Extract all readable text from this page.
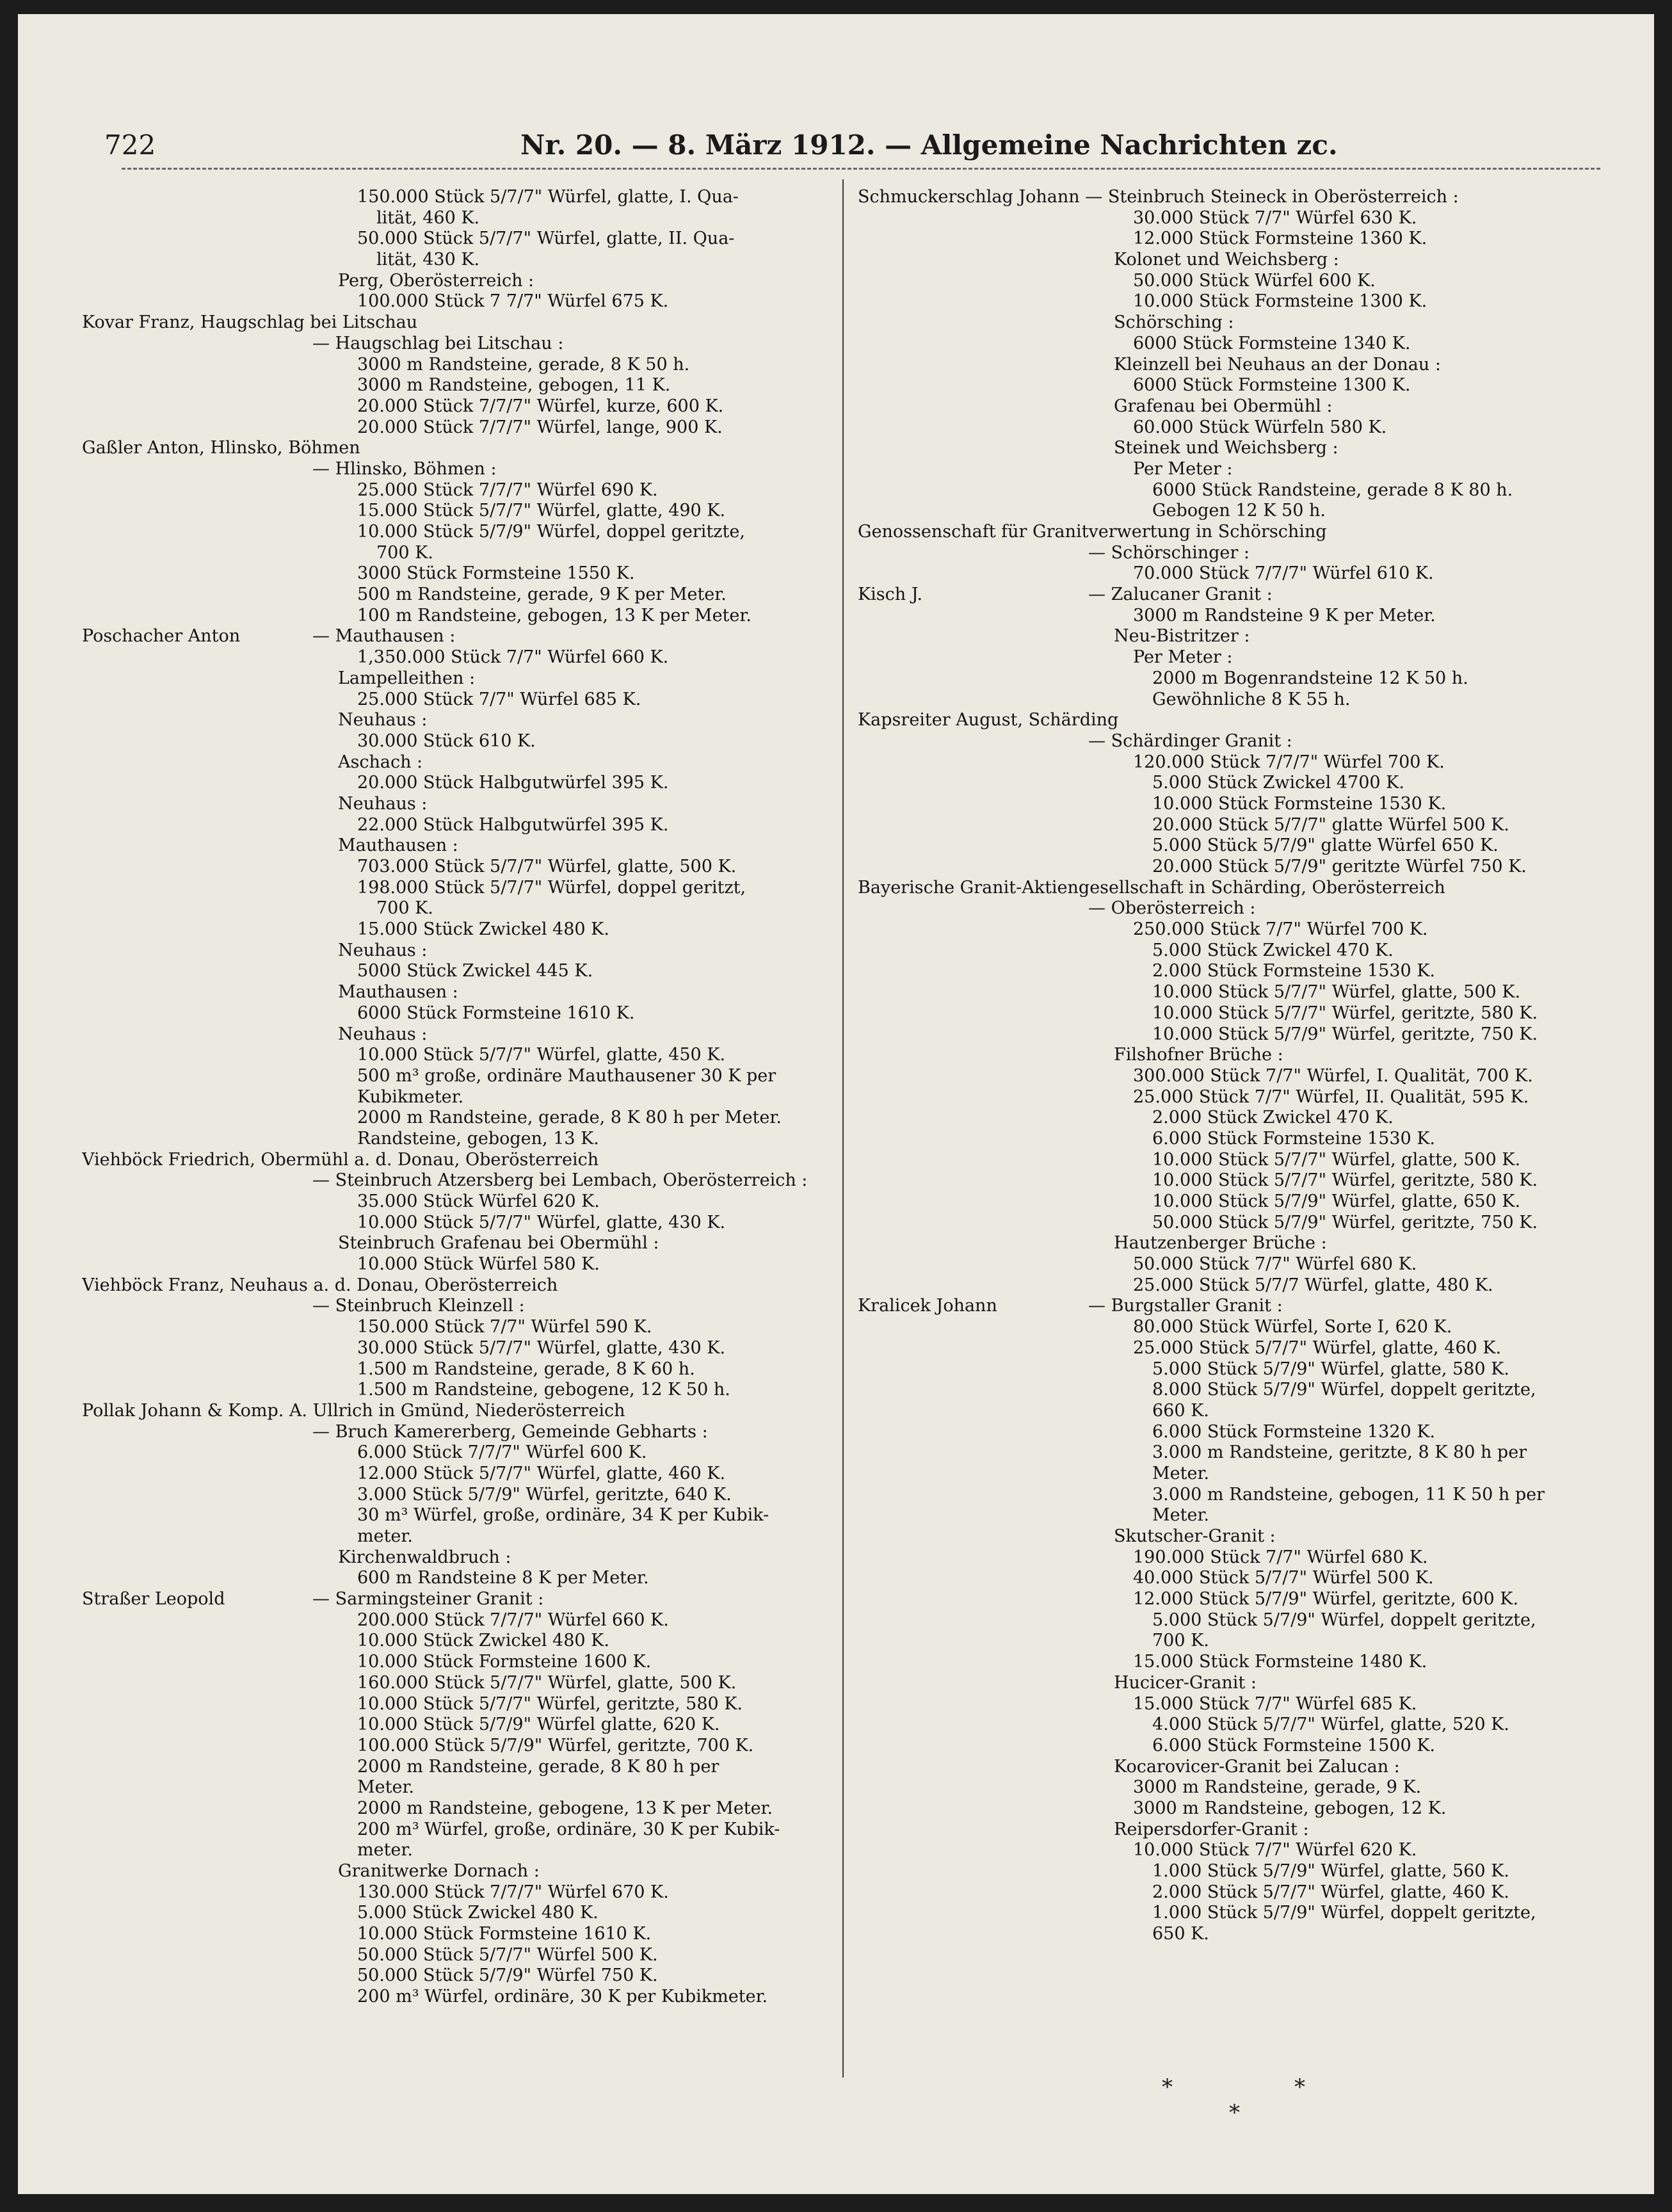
722	Nr. 20. — 8. März 1912. — Allgemeine Nachrichten zc.
150.000 Stück 5/7/7" Würfel, glatte, I. Qua-
lität, 460 K.
50.000 Stück 5/7/7" Würfel, glatte, II. Qua-
lität, 430 K.
Perg, Oberösterreich :
100.000 Stück 7 7/7" Würfel 675 K.
Kovar Franz, Haugschlag bei Litschau
— Haugschlag bei Litschau :
3000 m Randsteine, gerade, 8 K 50 h.
3000 m Randsteine, gebogen, 11 K.
20.000 Stück 7/7/7" Würfel, kurze, 600 K.
20.000 Stück 7/7/7" Würfel, lange, 900 K.
Gaßler Anton, Hlinsko, Böhmen
— Hlinsko, Böhmen :
25.000 Stück 7/7/7" Würfel 690 K.
15.000 Stück 5/7/7" Würfel, glatte, 490 K.
10.000 Stück 5/7/9" Würfel, doppel geritzte,
700 K.
3000 Stück Formsteine 1550 K.
500 m Randsteine, gerade, 9 K per Meter.
100 m Randsteine, gebogen, 13 K per Meter.
Poschacher Anton	— Mauthausen :
1,350.000 Stück 7/7" Würfel 660 K.
Lampelleithen :
25.000 Stück 7/7" Würfel 685 K.
Neuhaus :
30.000 Stück 610 K.
Aschach :
20.000 Stück Halbgutwürfel 395 K.
Neuhaus :
22.000 Stück Halbgutwürfel 395 K.
Mauthausen :
703.000 Stück 5/7/7" Würfel, glatte, 500 K.
198.000 Stück 5/7/7" Würfel, doppel geritzt,
700 K.
15.000 Stück Zwickel 480 K.
Neuhaus :
5000 Stück Zwickel 445 K.
Mauthausen :
6000 Stück Formsteine 1610 K.
Neuhaus :
10.000 Stück 5/7/7" Würfel, glatte, 450 K.
500 m³ große, ordinäre Mauthausener 30 K per
Kubikmeter.
2000 m Randsteine, gerade, 8 K 80 h per Meter.
Randsteine, gebogen, 13 K.
Viehböck Friedrich, Obermühl a. d. Donau, Oberösterreich
— Steinbruch Atzersberg bei Lembach, Oberösterreich :
35.000 Stück Würfel 620 K.
10.000 Stück 5/7/7" Würfel, glatte, 430 K.
Steinbruch Grafenau bei Obermühl :
10.000 Stück Würfel 580 K.
Viehböck Franz, Neuhaus a. d. Donau, Oberösterreich
— Steinbruch Kleinzell :
150.000 Stück 7/7" Würfel 590 K.
30.000 Stück 5/7/7" Würfel, glatte, 430 K.
1.500 m Randsteine, gerade, 8 K 60 h.
1.500 m Randsteine, gebogene, 12 K 50 h.
Pollak Johann & Komp. A. Ullrich in Gmünd, Niederösterreich
— Bruch Kamererberg, Gemeinde Gebharts :
6.000 Stück 7/7/7" Würfel 600 K.
12.000 Stück 5/7/7" Würfel, glatte, 460 K.
3.000 Stück 5/7/9" Würfel, geritzte, 640 K.
30 m³ Würfel, große, ordinäre, 34 K per Kubik-
meter.
Kirchenwaldbruch :
600 m Randsteine 8 K per Meter.
Straßer Leopold	— Sarmingsteiner Granit :
200.000 Stück 7/7/7" Würfel 660 K.
10.000 Stück Zwickel 480 K.
10.000 Stück Formsteine 1600 K.
160.000 Stück 5/7/7" Würfel, glatte, 500 K.
10.000 Stück 5/7/7" Würfel, geritzte, 580 K.
10.000 Stück 5/7/9" Würfel glatte, 620 K.
100.000 Stück 5/7/9" Würfel, geritzte, 700 K.
2000 m Randsteine, gerade, 8 K 80 h per
Meter.
2000 m Randsteine, gebogene, 13 K per Meter.
200 m³ Würfel, große, ordinäre, 30 K per Kubik-
meter.
Granitwerke Dornach :
130.000 Stück 7/7/7" Würfel 670 K.
5.000 Stück Zwickel 480 K.
10.000 Stück Formsteine 1610 K.
50.000 Stück 5/7/7" Würfel 500 K.
50.000 Stück 5/7/9" Würfel 750 K.
200 m³ Würfel, ordinäre, 30 K per Kubikmeter.
Schmuckerschlag Johann — Steinbruch Steineck in Oberösterreich :
30.000 Stück 7/7" Würfel 630 K.
12.000 Stück Formsteine 1360 K.
Kolonet und Weichsberg :
50.000 Stück Würfel 600 K.
10.000 Stück Formsteine 1300 K.
Schörsching :
6000 Stück Formsteine 1340 K.
Kleinzell bei Neuhaus an der Donau :
6000 Stück Formsteine 1300 K.
Grafenau bei Obermühl :
60.000 Stück Würfeln 580 K.
Steinek und Weichsberg :
Per Meter :
6000 Stück Randsteine, gerade 8 K 80 h.
Gebogen 12 K 50 h.
Genossenschaft für Granitverwertung in Schörsching
— Schörschinger :
70.000 Stück 7/7/7" Würfel 610 K.
Kisch J.	— Zalucaner Granit :
3000 m Randsteine 9 K per Meter.
Neu-Bistritzer :
Per Meter :
2000 m Bogenrandsteine 12 K 50 h.
Gewöhnliche 8 K 55 h.
Kapsreiter August, Schärding
— Schärdinger Granit :
120.000 Stück 7/7/7" Würfel 700 K.
5.000 Stück Zwickel 4700 K.
10.000 Stück Formsteine 1530 K.
20.000 Stück 5/7/7" glatte Würfel 500 K.
5.000 Stück 5/7/9" glatte Würfel 650 K.
20.000 Stück 5/7/9" geritzte Würfel 750 K.
Bayerische Granit-Aktiengesellschaft in Schärding, Oberösterreich
— Oberösterreich :
250.000 Stück 7/7" Würfel 700 K.
5.000 Stück Zwickel 470 K.
2.000 Stück Formsteine 1530 K.
10.000 Stück 5/7/7" Würfel, glatte, 500 K.
10.000 Stück 5/7/7" Würfel, geritzte, 580 K.
10.000 Stück 5/7/9" Würfel, geritzte, 750 K.
Filshofner Brüche :
300.000 Stück 7/7" Würfel, I. Qualität, 700 K.
25.000 Stück 7/7" Würfel, II. Qualität, 595 K.
2.000 Stück Zwickel 470 K.
6.000 Stück Formsteine 1530 K.
10.000 Stück 5/7/7" Würfel, glatte, 500 K.
10.000 Stück 5/7/7" Würfel, geritzte, 580 K.
10.000 Stück 5/7/9" Würfel, glatte, 650 K.
50.000 Stück 5/7/9" Würfel, geritzte, 750 K.
Hautzenberger Brüche :
50.000 Stück 7/7" Würfel 680 K.
25.000 Stück 5/7/7 Würfel, glatte, 480 K.
Kralicek Johann	— Burgstaller Granit :
80.000 Stück Würfel, Sorte I, 620 K.
25.000 Stück 5/7/7" Würfel, glatte, 460 K.
5.000 Stück 5/7/9" Würfel, glatte, 580 K.
8.000 Stück 5/7/9" Würfel, doppelt geritzte,
660 K.
6.000 Stück Formsteine 1320 K.
3.000 m Randsteine, geritzte, 8 K 80 h per
Meter.
3.000 m Randsteine, gebogen, 11 K 50 h per
Meter.
Skutscher-Granit :
190.000 Stück 7/7" Würfel 680 K.
40.000 Stück 5/7/7" Würfel 500 K.
12.000 Stück 5/7/9" Würfel, geritzte, 600 K.
5.000 Stück 5/7/9" Würfel, doppelt geritzte,
700 K.
15.000 Stück Formsteine 1480 K.
Hucicer-Granit :
15.000 Stück 7/7" Würfel 685 K.
4.000 Stück 5/7/7" Würfel, glatte, 520 K.
6.000 Stück Formsteine 1500 K.
Kocarovicer-Granit bei Zalucan :
3000 m Randsteine, gerade, 9 K.
3000 m Randsteine, gebogen, 12 K.
Reipersdorfer-Granit :
10.000 Stück 7/7" Würfel 620 K.
1.000 Stück 5/7/9" Würfel, glatte, 560 K.
2.000 Stück 5/7/7" Würfel, glatte, 460 K.
1.000 Stück 5/7/9" Würfel, doppelt geritzte,
650 K.
*
*
*
